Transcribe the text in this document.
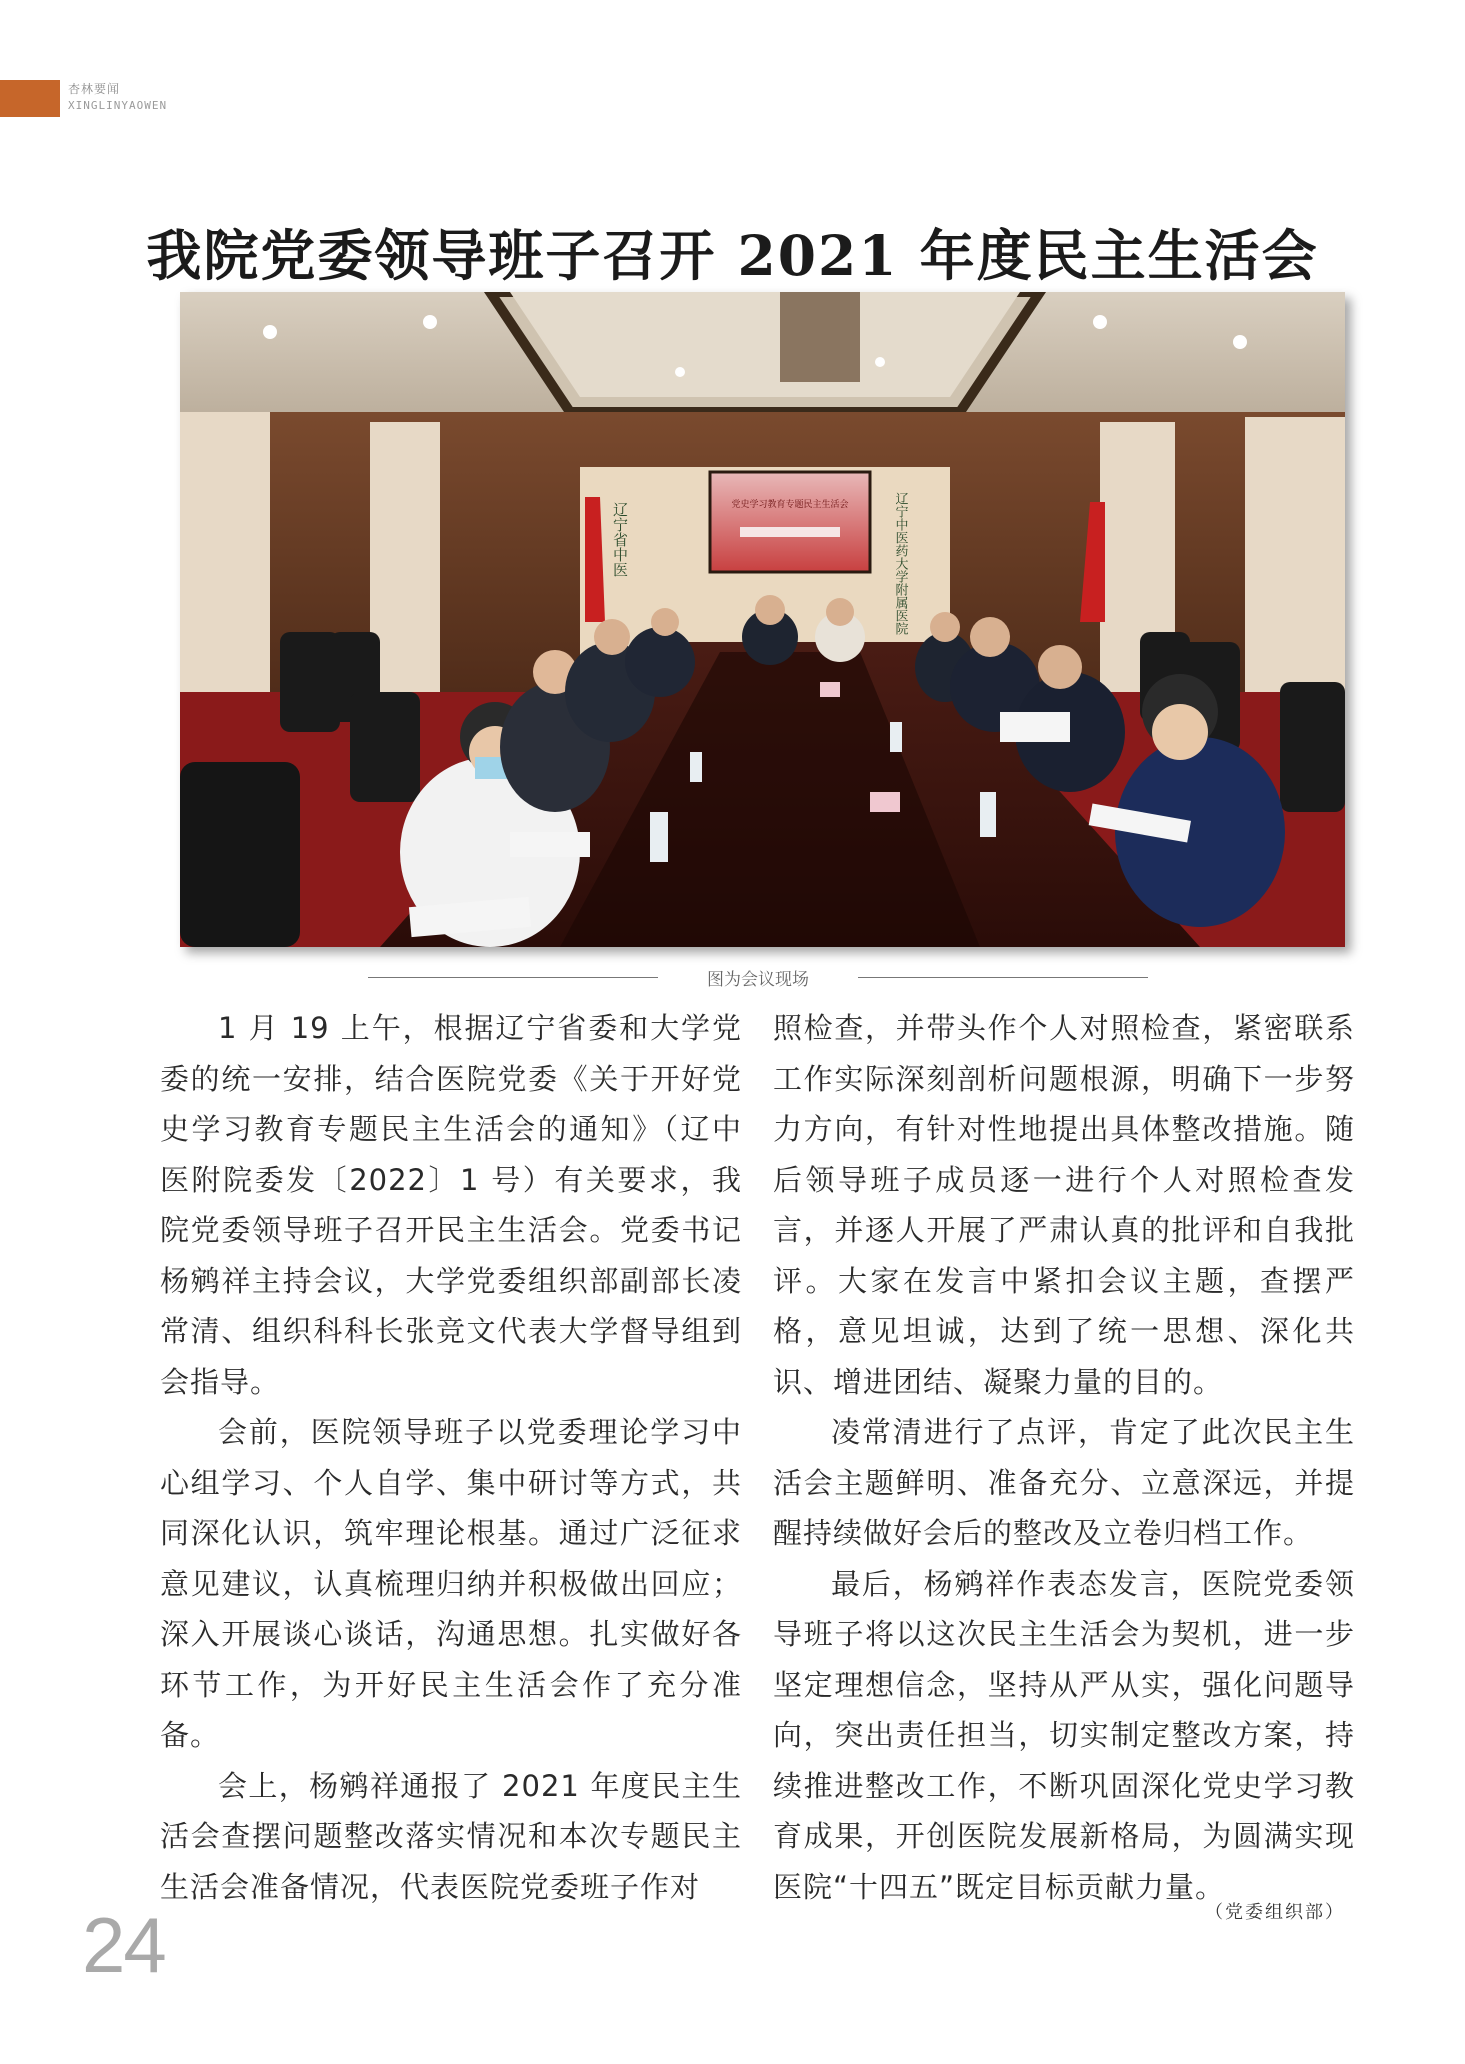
杏林要闻
XINGLINYAOWEN
我院党委领导班子召开 2021 年度民主生活会
党史学习教育专题民主生活会
辽宁省中医	辽宁中医药大学附属医院
图为会议现场

1 月 19 上午，根据辽宁省委和大学党委的统一安排，结合医院党委《关于开好党史学习教育专题民主生活会的通知》（辽中医附院委发〔2022〕1 号）有关要求，我院党委领导班子召开民主生活会。党委书记杨鹓祥主持会议，大学党委组织部副部长凌常清、组织科科长张竞文代表大学督导组到会指导。

会前，医院领导班子以党委理论学习中心组学习、个人自学、集中研讨等方式，共同深化认识，筑牢理论根基。通过广泛征求意见建议，认真梳理归纳并积极做出回应；深入开展谈心谈话，沟通思想。扎实做好各环节工作，为开好民主生活会作了充分准备。

会上，杨鹓祥通报了 2021 年度民主生活会查摆问题整改落实情况和本次专题民主生活会准备情况，代表医院党委班子作对

照检查，并带头作个人对照检查，紧密联系工作实际深刻剖析问题根源，明确下一步努力方向，有针对性地提出具体整改措施。随后领导班子成员逐一进行个人对照检查发言，并逐人开展了严肃认真的批评和自我批评。大家在发言中紧扣会议主题，查摆严格，意见坦诚，达到了统一思想、深化共识、增进团结、凝聚力量的目的。

凌常清进行了点评，肯定了此次民主生活会主题鲜明、准备充分、立意深远，并提醒持续做好会后的整改及立卷归档工作。

最后，杨鹓祥作表态发言，医院党委领导班子将以这次民主生活会为契机，进一步坚定理想信念，坚持从严从实，强化问题导向，突出责任担当，切实制定整改方案，持续推进整改工作，不断巩固深化党史学习教育成果，开创医院发展新格局，为圆满实现医院“十四五”既定目标贡献力量。

（党委组织部）
24
